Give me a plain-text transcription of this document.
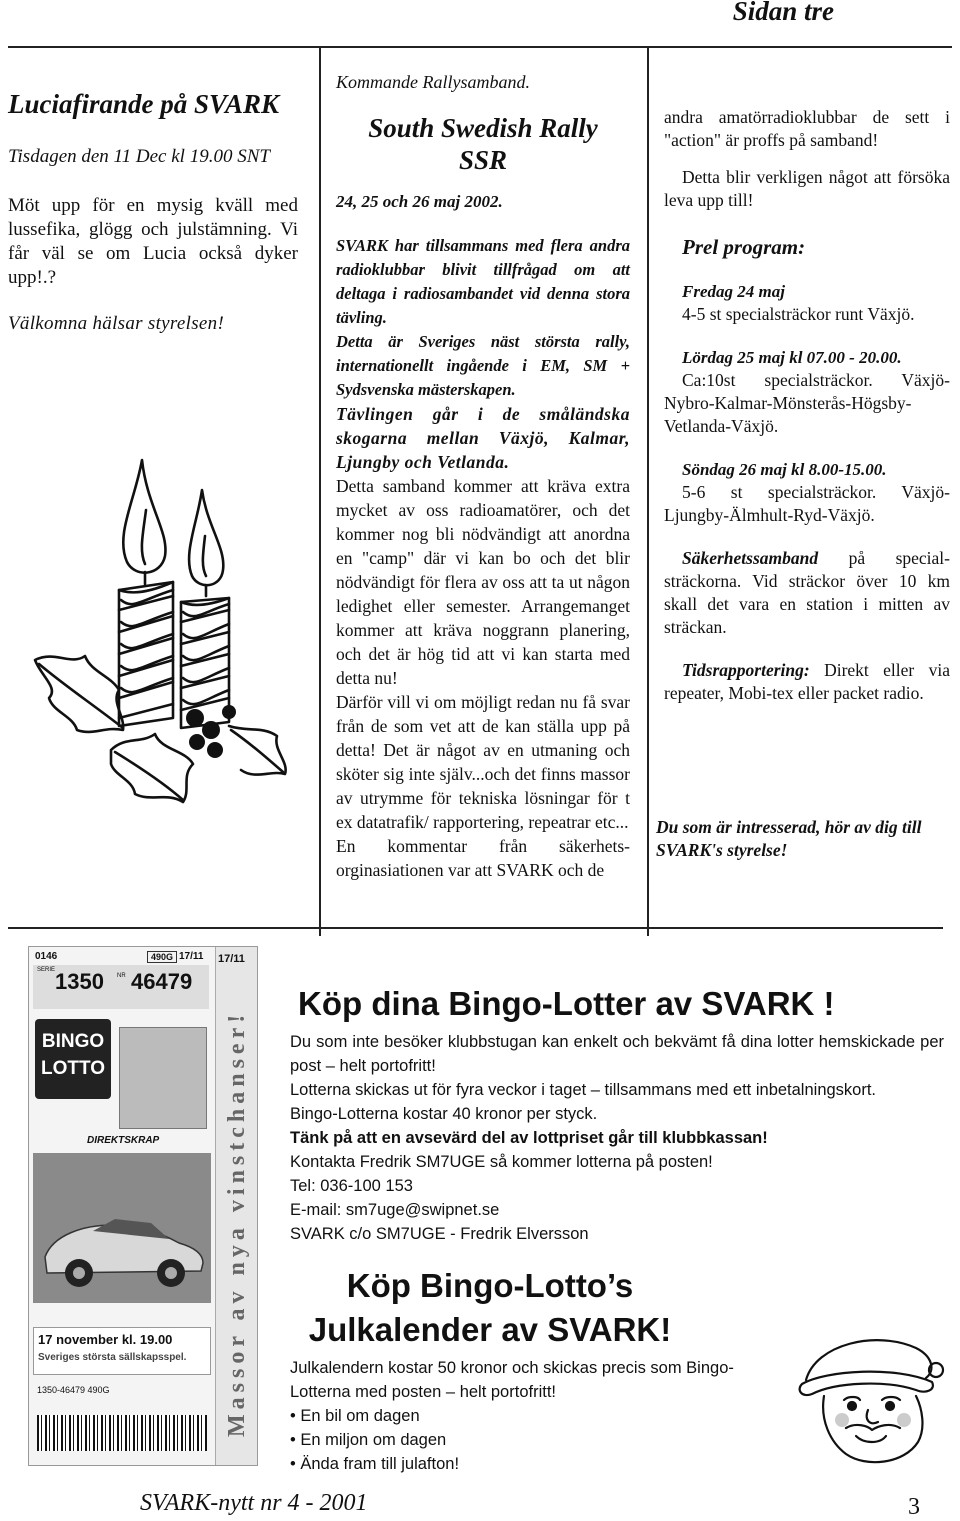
Sidan tre
Luciafirande på SVARK

Tisdagen den 11 Dec kl 19.00 SNT

Möt upp för en mysig kväll med lussefika, glögg och julstämning. Vi får väl se om Lucia också dyker upp!.?

Välkomna hälsar styrelsen!

Kommande Rallysamband.

South Swedish Rally
SSR

24, 25 och 26 maj 2002.

SVARK har tillsammans med flera andra radioklubbar blivit tillfrågad om att deltaga i radiosambandet vid denna stora tävling.

Detta är Sveriges näst största rally, internationellt ingående i EM, SM + Sydsvenska mästerskapen.

Tävlingen går i de småländska skogarna mellan Växjö, Kalmar, Ljungby och Vetlanda.

Detta samband kommer att kräva extra mycket av oss radioamatörer, och det kommer nog bli nödvändigt att anordna en "camp" där vi kan bo och det blir nödvändigt för flera av oss att ta ut någon ledighet eller semester. Arrangemanget kommer att kräva noggrann planering, och det är hög tid att vi kan starta med detta nu!

Därför vill vi om möjligt redan nu få svar från de som vet att de kan ställa upp på detta! Det är något av en utmaning och sköter sig inte själv...och det finns massor av utrymme för tekniska lösningar för t ex datatrafik/ rapportering, repeatrar etc...

En kommentar från säkerhets-orginasiationen var att SVARK och de

andra amatörradioklubbar de sett i "action" är proffs på samband!

Detta blir verkligen något att försöka leva upp till!

Prel program:

Fredag 24 maj

4-5 st specialsträckor runt Växjö.

Lördag 25 maj kl 07.00 - 20.00.

Ca:10st specialsträckor. Växjö-Nybro-Kalmar-Mönsterås-Högsby-Vetlanda-Växjö.

Söndag 26 maj kl 8.00-15.00.

5-6 st specialsträckor. Växjö-Ljungby-Älmhult-Ryd-Växjö.

Säkerhetssamband på special-sträckorna. Vid sträckor över 10 km skall det vara en station i mitten av sträckan.

Tidsrapportering: Direkt eller via repeater, Mobi-tex eller packet radio.

Du som är intresserad, hör av dig till SVARK's styrelse!
0146	490G 17/11
SERIE 1350 NR 46479
BINGO
LOTTO
DIREKTSKRAP
17 november kl. 19.00
Sveriges största sällskapsspel.
1350-46479 490G
17/11
Massor av nya vinstchanser!
Köp dina Bingo-Lotter av SVARK !

Du som inte besöker klubbstugan kan enkelt och bekvämt få dina lotter hemskickade per post – helt portofritt!

Lotterna skickas ut för fyra veckor i taget – tillsammans med ett inbetalningskort.

Bingo-Lotterna kostar 40 kronor per styck.

Tänk på att en avsevärd del av lottpriset går till klubbkassan!

Kontakta Fredrik SM7UGE så kommer lotterna på posten!

Tel: 036-100 153

E-mail: sm7uge@swipnet.se

SVARK c/o SM7UGE - Fredrik Elversson

Köp Bingo-Lotto’s
Julkalender av SVARK!
Julkalendern kostar 50 kronor och skickas precis som Bingo-Lotterna med posten – helt portofritt!
• En bil om dagen
• En miljon om dagen
• Ända fram till julafton!
SVARK-nytt nr 4 - 2001	3
